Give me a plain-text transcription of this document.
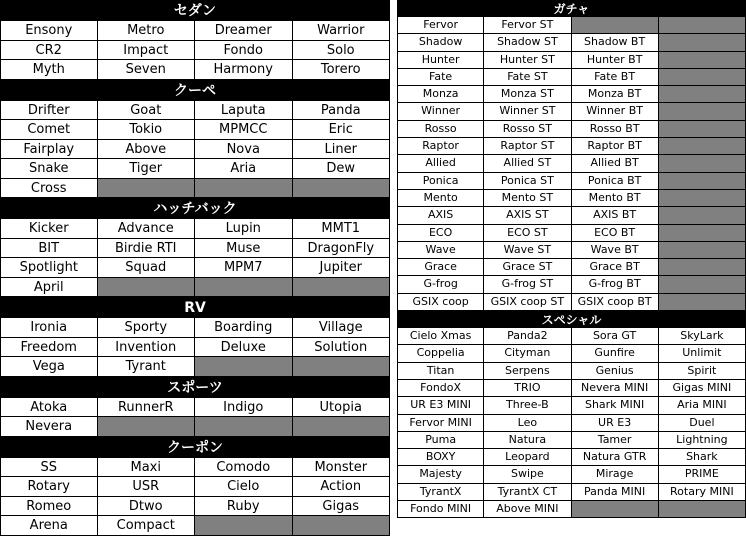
セダン
Ensony	Metro	Dreamer	Warrior
CR2	Impact	Fondo	Solo
Myth	Seven	Harmony	Torero
クーペ
Drifter	Goat	Laputa	Panda
Comet	Tokio	MPMCC	Eric
Fairplay	Above	Nova	Liner
Snake	Tiger	Aria	Dew
Cross
ハッチバック
Kicker	Advance	Lupin	MMT1
BIT	Birdie RTI	Muse	DragonFly
Spotlight	Squad	MPM7	Jupiter
April
RV
Ironia	Sporty	Boarding	Village
Freedom	Invention	Deluxe	Solution
Vega	Tyrant
スポーツ
Atoka	RunnerR	Indigo	Utopia
Nevera
クーポン
SS	Maxi	Comodo	Monster
Rotary	USR	Cielo	Action
Romeo	Dtwo	Ruby	Gigas
Arena	Compact
ガチャ
Fervor	Fervor ST
Shadow	Shadow ST	Shadow BT
Hunter	Hunter ST	Hunter BT
Fate	Fate ST	Fate BT
Monza	Monza ST	Monza BT
Winner	Winner ST	Winner BT
Rosso	Rosso ST	Rosso BT
Raptor	Raptor ST	Raptor BT
Allied	Allied ST	Allied BT
Ponica	Ponica ST	Ponica BT
Mento	Mento ST	Mento BT
AXIS	AXIS ST	AXIS BT
ECO	ECO ST	ECO BT
Wave	Wave ST	Wave BT
Grace	Grace ST	Grace BT
G-frog	G-frog ST	G-frog BT
GSIX coop	GSIX coop ST	GSIX coop BT
スペシャル
Cielo Xmas	Panda2	Sora GT	SkyLark
Coppelia	Cityman	Gunfire	Unlimit
Titan	Serpens	Genius	Spirit
FondoX	TRIO	Nevera MINI	Gigas MINI
UR E3 MINI	Three-B	Shark MINI	Aria MINI
Fervor MINI	Leo	UR E3	Duel
Puma	Natura	Tamer	Lightning
BOXY	Leopard	Natura GTR	Shark
Majesty	Swipe	Mirage	PRIME
TyrantX	TyrantX CT	Panda MINI	Rotary MINI
Fondo MINI	Above MINI
